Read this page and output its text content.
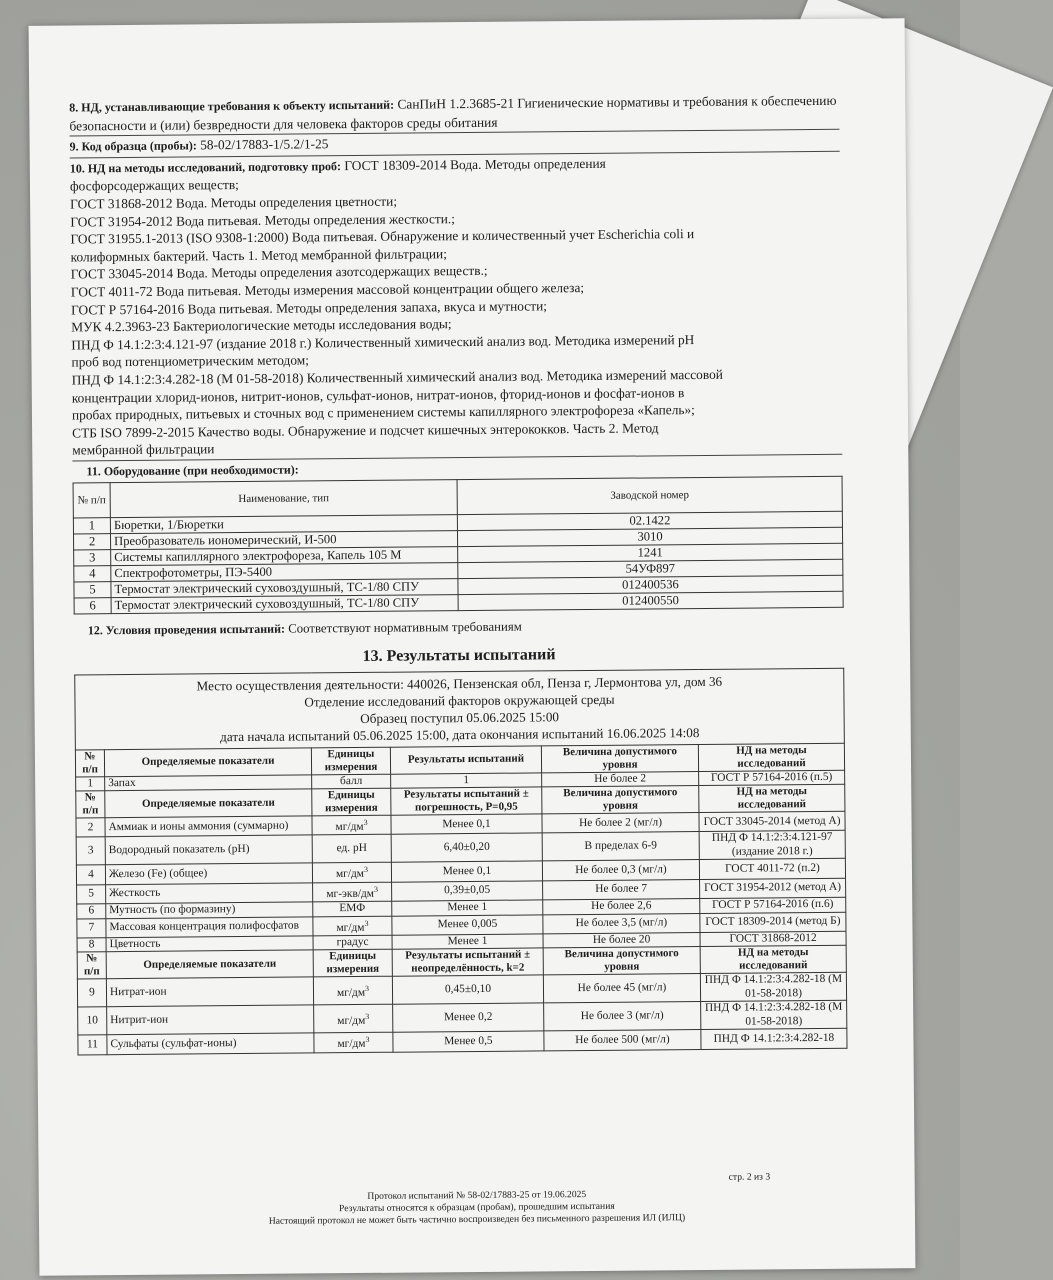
8. НД, устанавливающие требования к объекту испытаний: СанПиН 1.2.3685-21 Гигиенические нормативы и требования к обеспечению безопасности и (или) безвредности для человека факторов среды обитания
9. Код образца (пробы): 58-02/17883-1/5.2/1-25
10. НД на методы исследований, подготовку проб: ГОСТ 18309-2014 Вода. Методы определения
фосфорсодержащих веществ;
ГОСТ 31868-2012 Вода. Методы определения цветности;
ГОСТ 31954-2012 Вода питьевая. Методы определения жесткости.;
ГОСТ 31955.1-2013 (ISO 9308-1:2000) Вода питьевая. Обнаружение и количественный учет Escherichia coli и
колиформных бактерий. Часть 1. Метод мембранной фильтрации;
ГОСТ 33045-2014 Вода. Методы определения азотсодержащих веществ.;
ГОСТ 4011-72 Вода питьевая. Методы измерения массовой концентрации общего железа;
ГОСТ Р 57164-2016 Вода питьевая. Методы определения запаха, вкуса и мутности;
МУК 4.2.3963-23 Бактериологические методы исследования воды;
ПНД Ф 14.1:2:3:4.121-97 (издание 2018 г.) Количественный химический анализ вод. Методика измерений pH
проб вод потенциометрическим методом;
ПНД Ф 14.1:2:3:4.282-18 (М 01-58-2018) Количественный химический анализ вод. Методика измерений массовой
концентрации хлорид-ионов, нитрит-ионов, сульфат-ионов, нитрат-ионов, фторид-ионов и фосфат-ионов в
пробах природных, питьевых и сточных вод с применением системы капиллярного электрофореза «Капель»;
СТБ ISO 7899-2-2015 Качество воды. Обнаружение и подсчет кишечных энтерококков. Часть 2. Метод
мембранной фильтрации

11. Оборудование (при необходимости):
№ п/п	Наименование, тип	Заводской номер
1	Бюретки, 1/Бюретки	02.1422
2	Преобразователь иономерический, И-500	3010
3	Системы капиллярного электрофореза, Капель 105 М	1241
4	Спектрофотометры, ПЭ-5400	54УФ897
5	Термостат электрический суховоздушный, ТС-1/80 СПУ	012400536
6	Термостат электрический суховоздушный, ТС-1/80 СПУ	012400550
12. Условия проведения испытаний: Соответствуют нормативным требованиям
13. Результаты испытаний
Место осуществления деятельности: 440026, Пензенская обл, Пенза г, Лермонтова ул, дом 36
Отделение исследований факторов окружающей среды
Образец поступил 05.06.2025 15:00
дата начала испытаний 05.06.2025 15:00, дата окончания испытаний 16.06.2025 14:08					

№ п/п	Определяемые показатели	Единицы измерения	Результаты испытаний	Величина допустимого уровня	НД на методы исследований
1	Запах	балл	1	Не более 2	ГОСТ Р 57164-2016 (п.5)
№ п/п	Определяемые показатели	Единицы измерения	Результаты испытаний ± погрешность, P=0,95	Величина допустимого уровня	НД на методы исследований
2	Аммиак и ионы аммония (суммарно)	$мг/дм^3$	Менее 0,1	Не более 2 (мг/л)	ГОСТ 33045-2014 (метод А)
3	Водородный показатель (pH)	ед. рН	6,40±0,20	В пределах 6-9	ПНД Ф 14.1:2:3:4.121-97 (издание 2018 г.)
4	Железо (Fe) (общее)	$мг/дм^3$	Менее 0,1	Не более 0,3 (мг/л)	ГОСТ 4011-72 (п.2)
5	Жесткость	$мг-экв/дм^3$	0,39±0,05	Не более 7	ГОСТ 31954-2012 (метод А)
6	Мутность (по формазину)	ЕМФ	Менее 1	Не более 2,6	ГОСТ Р 57164-2016 (п.6)
7	Массовая концентрация полифосфатов	$мг/дм^3$	Менее 0,005	Не более 3,5 (мг/л)	ГОСТ 18309-2014 (метод Б)
8	Цветность	градус	Менее 1	Не более 20	ГОСТ 31868-2012
№ п/п	Определяемые показатели	Единицы измерения	Результаты испытаний ± неопределённость, k=2	Величина допустимого уровня	НД на методы исследований
9	Нитрат-ион	$мг/дм^3$	0,45±0,10	Не более 45 (мг/л)	ПНД Ф 14.1:2:3:4.282-18 (М 01-58-2018)
10	Нитрит-ион	$мг/дм^3$	Менее 0,2	Не более 3 (мг/л)	ПНД Ф 14.1:2:3:4.282-18 (М 01-58-2018)
11	Сульфаты (сульфат-ионы)	$мг/дм^3$	Менее 0,5	Не более 500 (мг/л)	ПНД Ф 14.1:2:3:4.282-18
стр. 2 из 3
Протокол испытаний № 58-02/17883-25 от 19.06.2025
Результаты относятся к образцам (пробам), прошедшим испытания
Настоящий протокол не может быть частично воспроизведен без письменного разрешения ИЛ (ИЛЦ)
